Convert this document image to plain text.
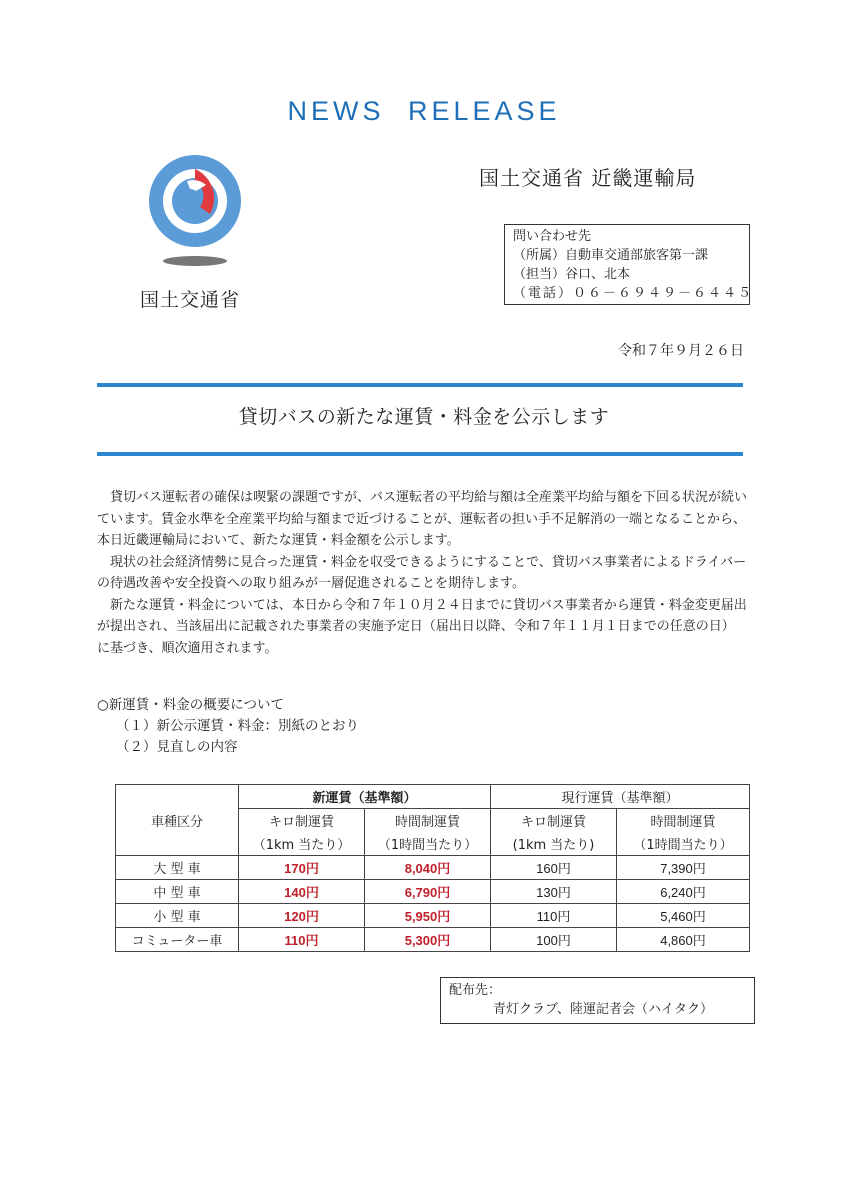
NEWS RELEASE
国土交通省
国土交通省 近畿運輸局
問い合わせ先
（所属）自動車交通部旅客第一課
（担当）谷口、北本
（電話）０６－６９４９－６４４５
令和７年９月２６日
貸切バスの新たな運賃・料金を公示します

貸切バス運転者の確保は喫緊の課題ですが、バス運転者の平均給与額は全産業平均給与額を下回る状況が続いています。賃金水準を全産業平均給与額まで近づけることが、運転者の担い手不足解消の一端となることから、本日近畿運輸局において、新たな運賃・料金額を公示します。

現状の社会経済情勢に見合った運賃・料金を収受できるようにすることで、貸切バス事業者によるドライバーの待遇改善や安全投資への取り組みが一層促進されることを期待します。

新たな運賃・料金については、本日から令和７年１０月２４日までに貸切バス事業者から運賃・料金変更届出が提出され、当該届出に記載された事業者の実施予定日（届出日以降、令和７年１１月１日までの任意の日）に基づき、順次適用されます。

○新運賃・料金の概要について
（１）新公示運賃・料金：別紙のとおり
（２）見直しの内容
車種区分	新運賃（基準額）		現行運賃（基準額）	
	キロ制運賃	時間制運賃	キロ制運賃	時間制運賃
	（1km 当たり）	（1時間当たり）	(1km 当たり)	（1時間当たり）
大 型 車	170円	8,040円	160円	7,390円
中 型 車	140円	6,790円	130円	6,240円
小 型 車	120円	5,950円	110円	5,460円
コミューター車	110円	5,300円	100円	4,860円
配布先：
青灯クラブ、陸運記者会（ハイタク）
